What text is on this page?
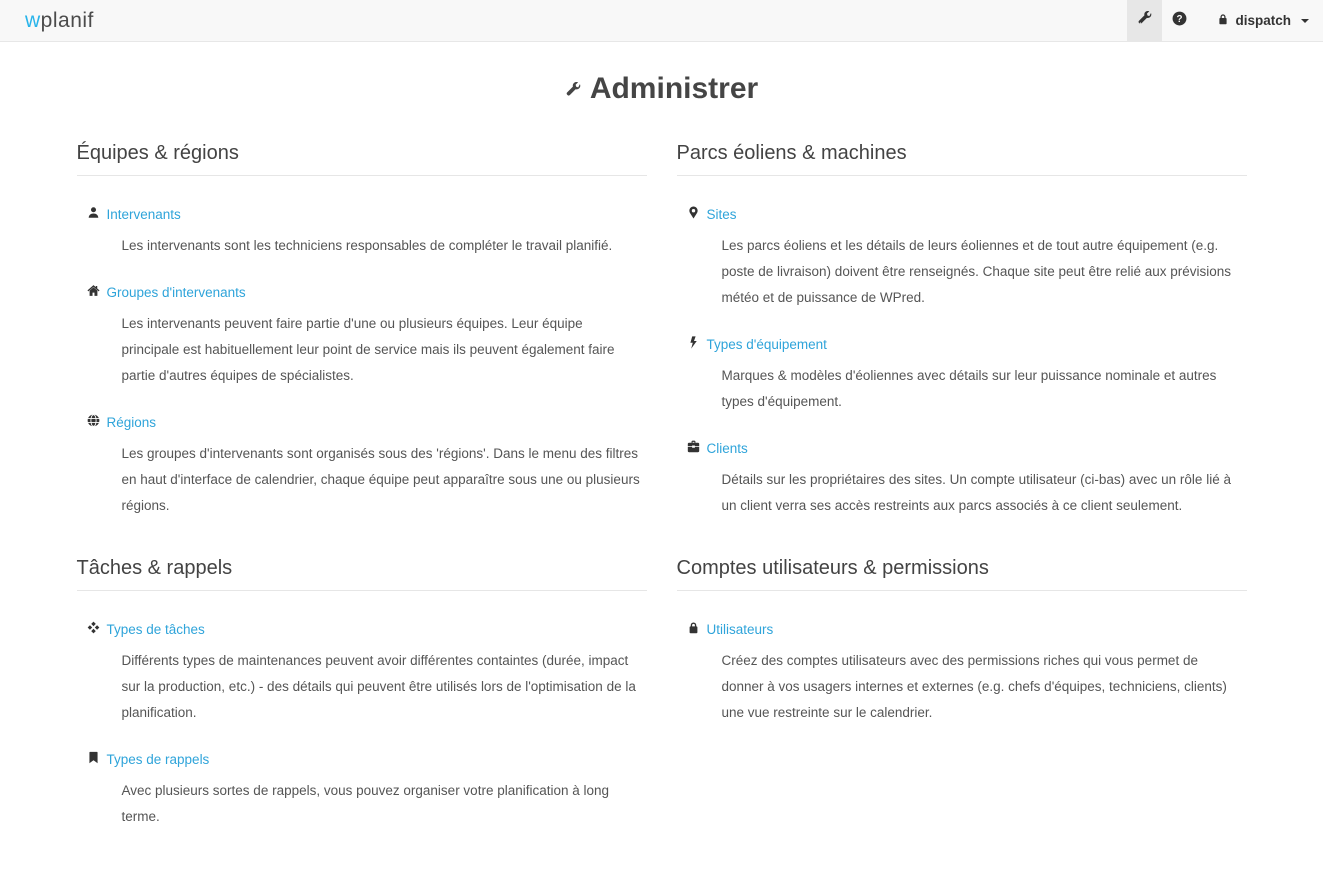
wplanif	?	dispatch
Administrer
Équipes & régions
Intervenants
Les intervenants sont les techniciens responsables de compléter le travail planifié.
Groupes d'intervenants
Les intervenants peuvent faire partie d'une ou plusieurs équipes. Leur équipe principale est habituellement leur point de service mais ils peuvent également faire partie d'autres équipes de spécialistes.
Régions
Les groupes d'intervenants sont organisés sous des 'régions'. Dans le menu des filtres en haut d'interface de calendrier, chaque équipe peut apparaître sous une ou plusieurs régions.
Parcs éoliens & machines
Sites
Les parcs éoliens et les détails de leurs éoliennes et de tout autre équipement (e.g. poste de livraison) doivent être renseignés. Chaque site peut être relié aux prévisions météo et de puissance de WPred.
Types d'équipement
Marques & modèles d'éoliennes avec détails sur leur puissance nominale et autres types d'équipement.
Clients
Détails sur les propriétaires des sites. Un compte utilisateur (ci-bas) avec un rôle lié à un client verra ses accès restreints aux parcs associés à ce client seulement.
Tâches & rappels
Types de tâches
Différents types de maintenances peuvent avoir différentes containtes (durée, impact sur la production, etc.) - des détails qui peuvent être utilisés lors de l'optimisation de la planification.
Types de rappels
Avec plusieurs sortes de rappels, vous pouvez organiser votre planification à long terme.
Comptes utilisateurs & permissions
Utilisateurs
Créez des comptes utilisateurs avec des permissions riches qui vous permet de donner à vos usagers internes et externes (e.g. chefs d'équipes, techniciens, clients) une vue restreinte sur le calendrier.
